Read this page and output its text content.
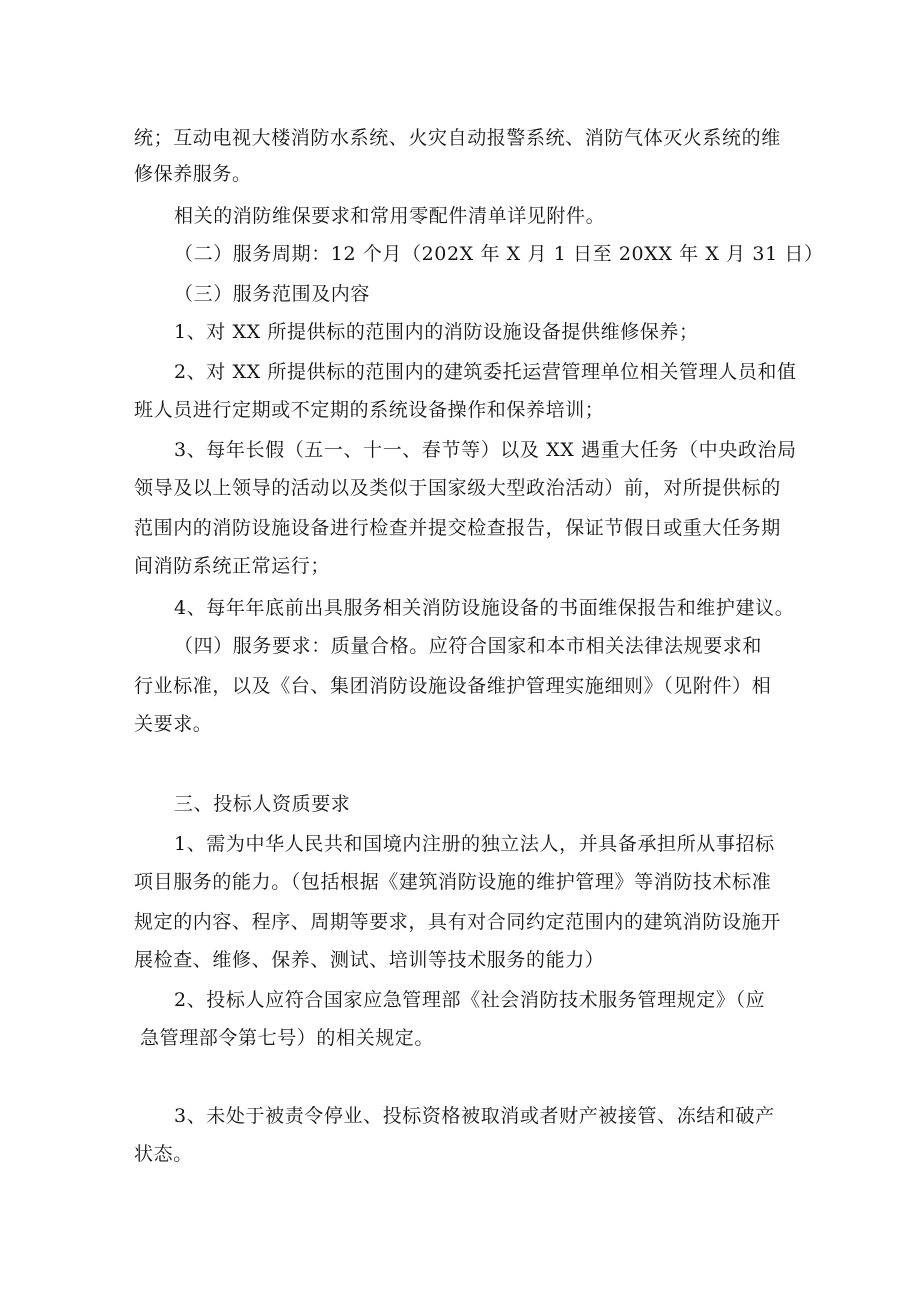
统；互动电视大楼消防水系统、火灾自动报警系统、消防气体灭火系统的维
修保养服务。
相关的消防维保要求和常用零配件清单详见附件。
（二）服务周期：12 个月（202X 年 X 月 1 日至 20XX 年 X 月 31 日）
（三）服务范围及内容
1、对 XX 所提供标的范围内的消防设施设备提供维修保养；
2、对 XX 所提供标的范围内的建筑委托运营管理单位相关管理人员和值
班人员进行定期或不定期的系统设备操作和保养培训；
3、每年长假（五一、十一、春节等）以及 XX 遇重大任务（中央政治局
领导及以上领导的活动以及类似于国家级大型政治活动）前，对所提供标的
范围内的消防设施设备进行检查并提交检查报告，保证节假日或重大任务期
间消防系统正常运行；
4、每年年底前出具服务相关消防设施设备的书面维保报告和维护建议。
（四）服务要求：质量合格。应符合国家和本市相关法律法规要求和
行业标准，以及《台、集团消防设施设备维护管理实施细则》（见附件）相
关要求。
三、投标人资质要求
1、需为中华人民共和国境内注册的独立法人，并具备承担所从事招标
项目服务的能力。（包括根据《建筑消防设施的维护管理》等消防技术标准
规定的内容、程序、周期等要求，具有对合同约定范围内的建筑消防设施开
展检查、维修、保养、测试、培训等技术服务的能力）
2、投标人应符合国家应急管理部《社会消防技术服务管理规定》（应
急管理部令第七号）的相关规定。
3、未处于被责令停业、投标资格被取消或者财产被接管、冻结和破产
状态。
